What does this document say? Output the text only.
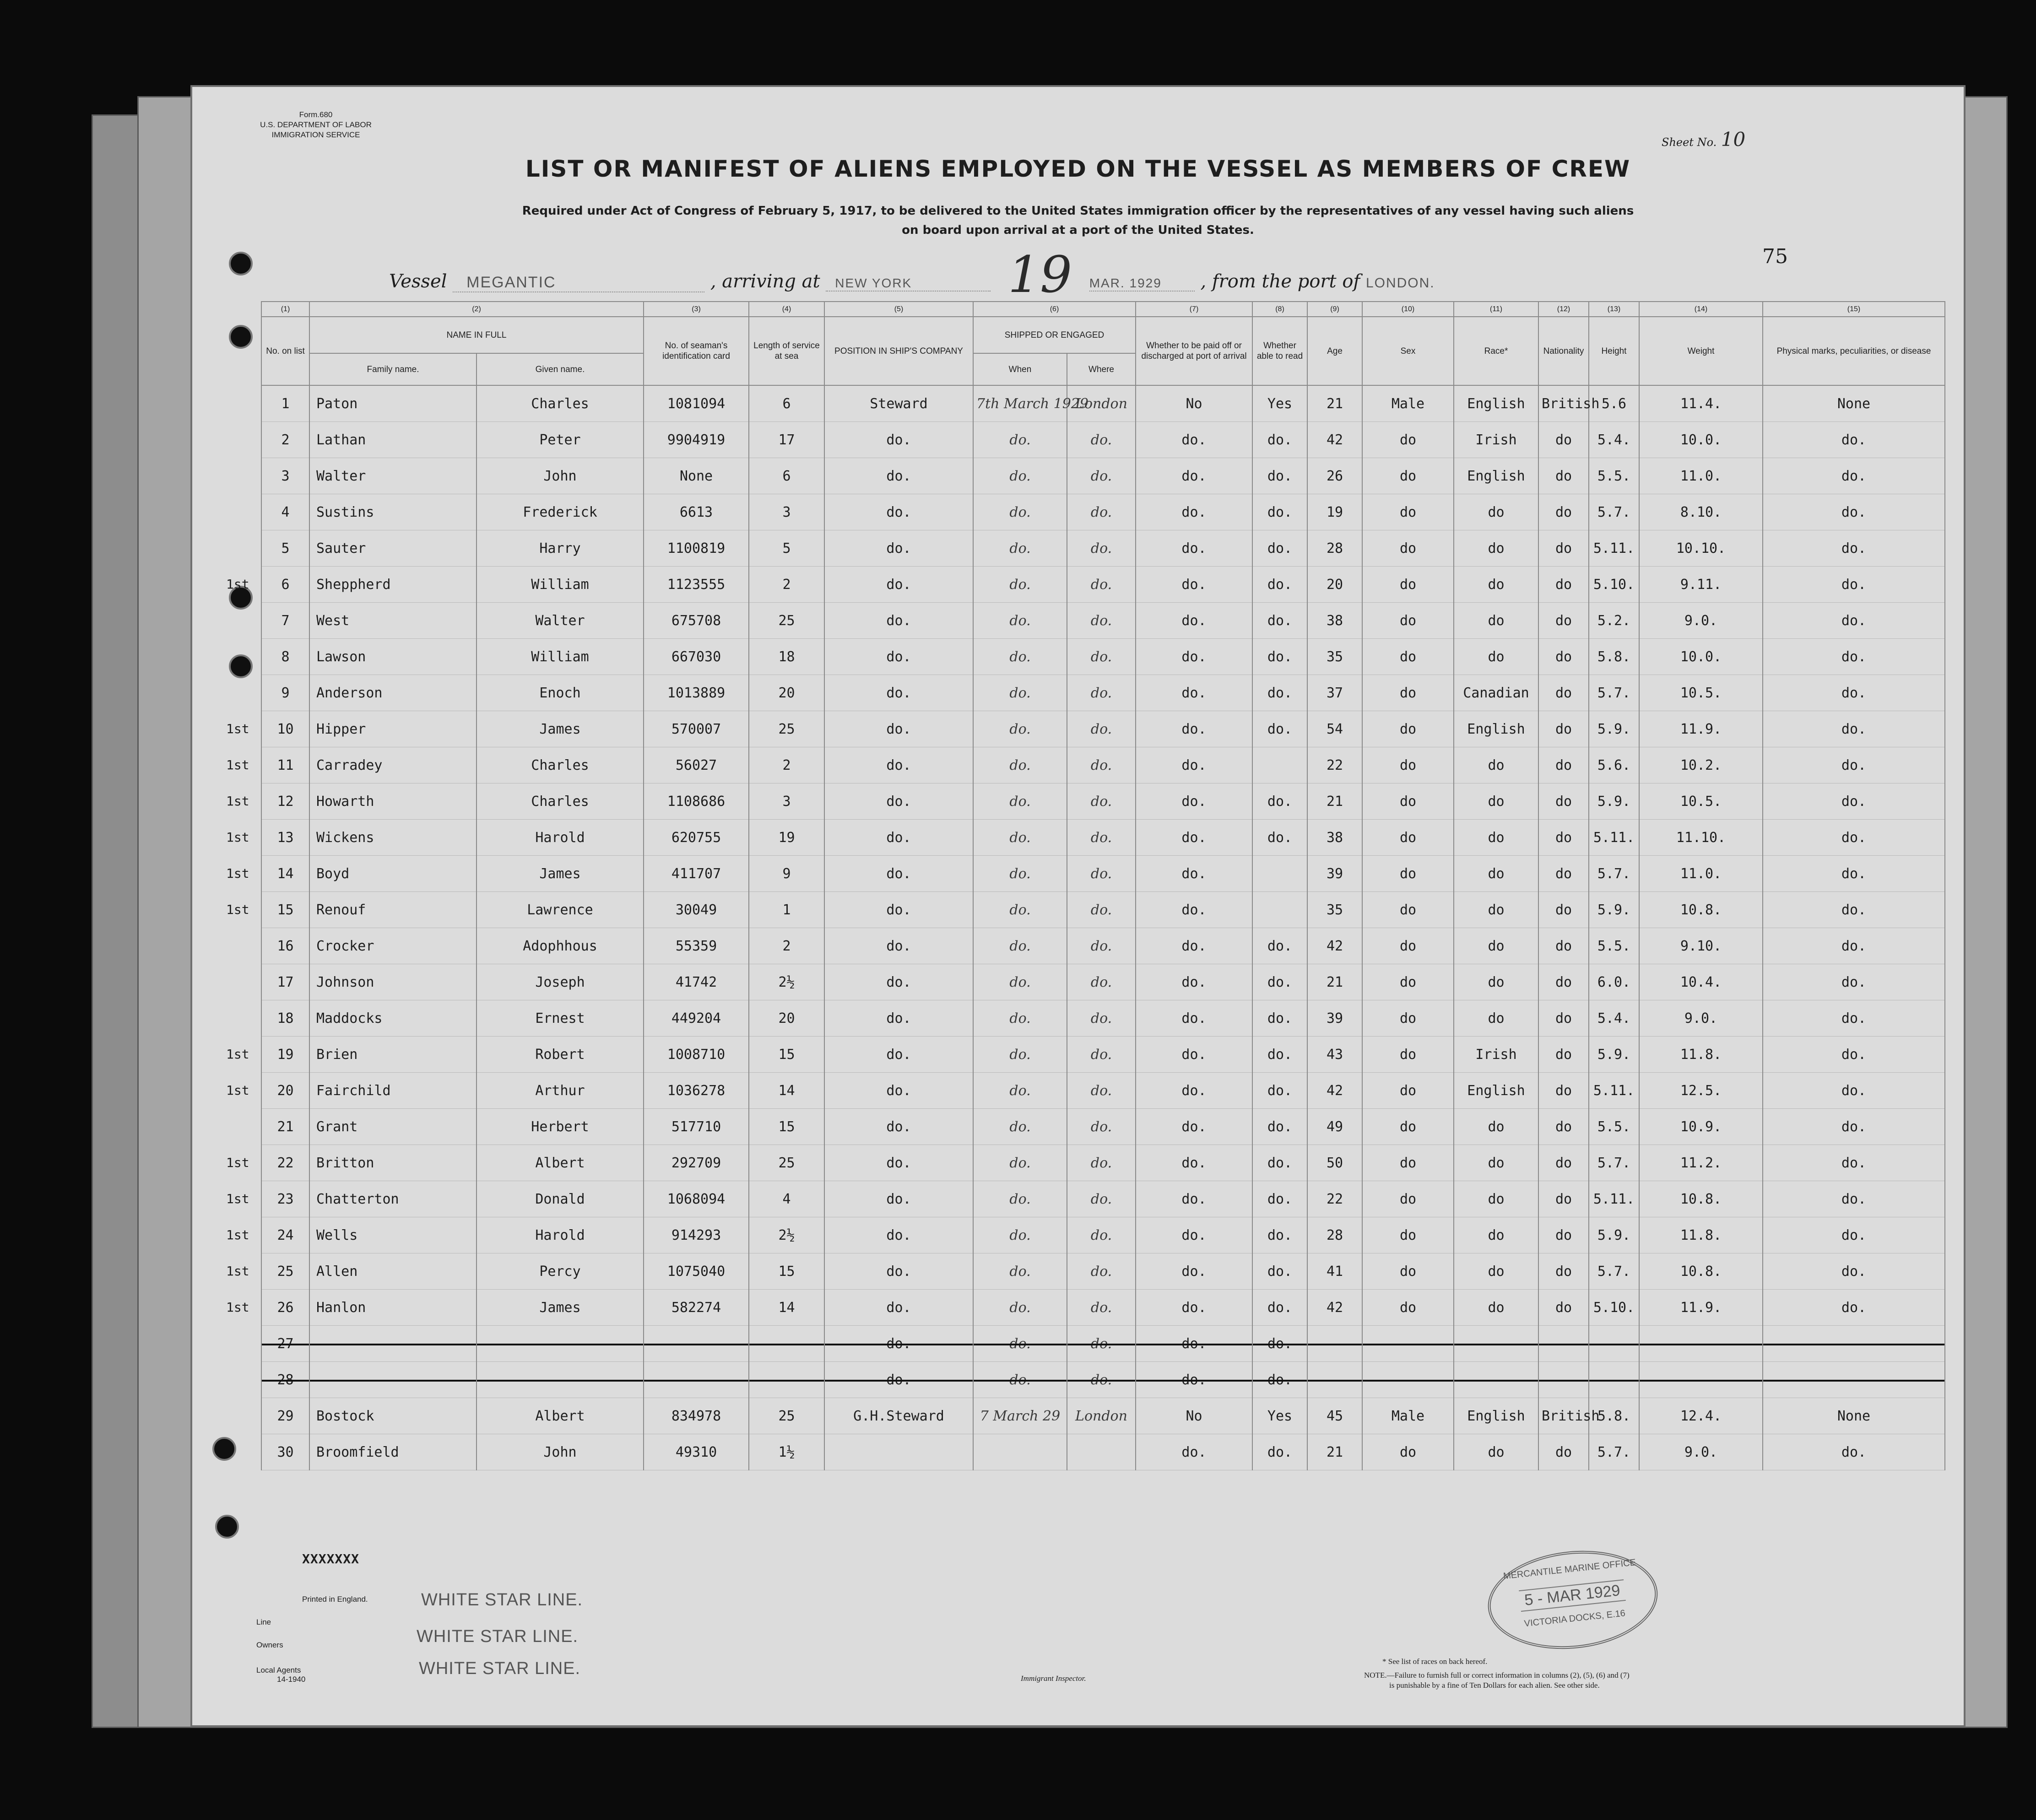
Form.680
U.S. DEPARTMENT OF LABOR
IMMIGRATION SERVICE
Sheet No. 10
LIST OR MANIFEST OF ALIENS EMPLOYED ON THE VESSEL AS MEMBERS OF CREW
Required under Act of Congress of February 5, 1917, to be delivered to the United States immigration officer by the representatives of any vessel having such aliens
on board upon arrival at a port of the United States.
Vessel MEGANTIC	, arriving at NEW YORK 19 MAR. 1929 , from the port of LONDON.
75
(1)	(2)		(3)	(4)	(5)	(6)		(7)	(8)	(9)	(10)	(11)	(12)	(13)	(14)	(15)
No. on list	NAME IN FULL		No. of seaman's identification card	Length of service at sea	POSITION IN SHIP'S COMPANY	SHIPPED OR ENGAGED		Whether to be paid off or discharged at port of arrival	Whether able to read	Age	Sex	Race*	Nationality	Height	Weight	Physical marks, peculiarities, or disease
	Family name.	Given name.				When	Where									
1	Paton	Charles	1081094	6	Steward	7th March 1929	London	No	Yes	21	Male	English	British	5.6	11.4.	None
2	Lathan	Peter	9904919	17	do.	do.	do.	do.	do.	42	do	Irish	do	5.4.	10.0.	do.
3	Walter	John	None	6	do.	do.	do.	do.	do.	26	do	English	do	5.5.	11.0.	do.
4	Sustins	Frederick	6613	3	do.	do.	do.	do.	do.	19	do	do	do	5.7.	8.10.	do.
5	Sauter	Harry	1100819	5	do.	do.	do.	do.	do.	28	do	do	do	5.11.	10.10.	do.

1st 6	Sheppherd	William	1123555	2	do.	do.	do.	do.	do.	20	do	do	do	5.10.	9.11.	do.
7	West	Walter	675708	25	do.	do.	do.	do.	do.	38	do	do	do	5.2.	9.0.	do.
8	Lawson	William	667030	18	do.	do.	do.	do.	do.	35	do	do	do	5.8.	10.0.	do.
9	Anderson	Enoch	1013889	20	do.	do.	do.	do.	do.	37	do	Canadian	do	5.7.	10.5.	do.

1st 10	Hipper	James	570007	25	do.	do.	do.	do.	do.	54	do	English	do	5.9.	11.9.	do.

1st 11	Carradey	Charles	56027	2	do.	do.	do.	do.		22	do	do	do	5.6.	10.2.	do.

1st 12	Howarth	Charles	1108686	3	do.	do.	do.	do.	do.	21	do	do	do	5.9.	10.5.	do.

1st 13	Wickens	Harold	620755	19	do.	do.	do.	do.	do.	38	do	do	do	5.11.	11.10.	do.

1st 14	Boyd	James	411707	9	do.	do.	do.	do.		39	do	do	do	5.7.	11.0.	do.

1st 15	Renouf	Lawrence	30049	1	do.	do.	do.	do.		35	do	do	do	5.9.	10.8.	do.
16	Crocker	Adophhous	55359	2	do.	do.	do.	do.	do.	42	do	do	do	5.5.	9.10.	do.
17	Johnson	Joseph	41742	2½	do.	do.	do.	do.	do.	21	do	do	do	6.0.	10.4.	do.
18	Maddocks	Ernest	449204	20	do.	do.	do.	do.	do.	39	do	do	do	5.4.	9.0.	do.

1st 19	Brien	Robert	1008710	15	do.	do.	do.	do.	do.	43	do	Irish	do	5.9.	11.8.	do.

1st 20	Fairchild	Arthur	1036278	14	do.	do.	do.	do.	do.	42	do	English	do	5.11.	12.5.	do.
21	Grant	Herbert	517710	15	do.	do.	do.	do.	do.	49	do	do	do	5.5.	10.9.	do.

1st 22	Britton	Albert	292709	25	do.	do.	do.	do.	do.	50	do	do	do	5.7.	11.2.	do.

1st 23	Chatterton	Donald	1068094	4	do.	do.	do.	do.	do.	22	do	do	do	5.11.	10.8.	do.

1st 24	Wells	Harold	914293	2½	do.	do.	do.	do.	do.	28	do	do	do	5.9.	11.8.	do.

1st 25	Allen	Percy	1075040	15	do.	do.	do.	do.	do.	41	do	do	do	5.7.	10.8.	do.

1st 26	Hanlon	James	582274	14	do.	do.	do.	do.	do.	42	do	do	do	5.10.	11.9.	do.
27					do.	do.	do.	do.	do.							
28					do.	do.	do.	do.	do.							
29	Bostock	Albert	834978	25	G.H.Steward	7 March 29	London	No	Yes	45	Male	English	British	5.8.	12.4.	None
30	Broomfield	John	49310	1½				do.	do.	21	do	do	do	5.7.	9.0.	do.
XXXXXXX
Printed in England.
Line
Owners
Local Agents
14-1940
WHITE STAR LINE.
WHITE STAR LINE.
WHITE STAR LINE.
Immigrant Inspector.
MERCANTILE MARINE OFFICE
5 - MAR 1929
VICTORIA DOCKS, E.16
* See list of races on back hereof.
NOTE.—Failure to furnish full or correct information in columns (2), (5), (6) and (7)
is punishable by a fine of Ten Dollars for each alien. See other side.
